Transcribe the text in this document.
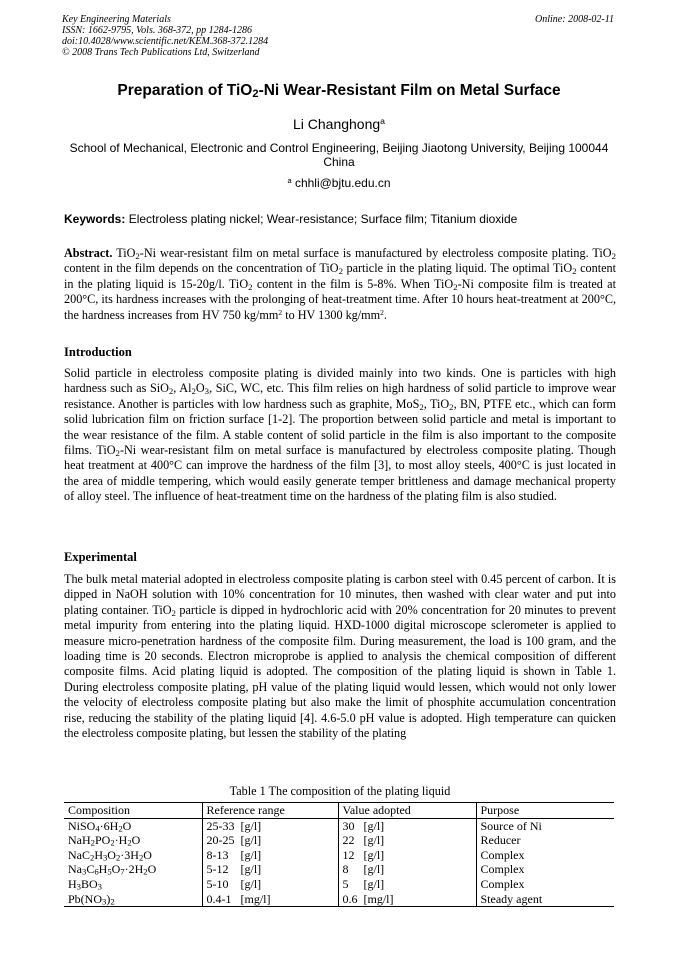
Key Engineering Materials
ISSN: 1662-9795, Vols. 368-372, pp 1284-1286
doi:10.4028/www.scientific.net/KEM.368-372.1284
© 2008 Trans Tech Publications Ltd, Switzerland
Online: 2008-02-11
Preparation of TiO$_2$-Ni Wear-Resistant Film on Metal Surface
Li Changhong$^a$
School of Mechanical, Electronic and Control Engineering, Beijing Jiaotong University, Beijing 100044 China
$^a$ chhli@bjtu.edu.cn
Keywords: Electroless plating nickel; Wear-resistance; Surface film; Titanium dioxide
Abstract. TiO$_2$-Ni wear-resistant film on metal surface is manufactured by electroless composite plating. TiO$_2$ content in the film depends on the concentration of TiO$_2$ particle in the plating liquid. The optimal TiO$_2$ content in the plating liquid is 15-20g/l. TiO$_2$ content in the film is 5-8%. When TiO$_2$-Ni composite film is treated at 200°C, its hardness increases with the prolonging of heat-treatment time. After 10 hours heat-treatment at 200°C, the hardness increases from HV 750 $kg/mm^2$ to HV 1300 $kg/mm^2$.
Introduction
Solid particle in electroless composite plating is divided mainly into two kinds. One is particles with high hardness such as SiO$_2$, $Al_2O_3$, SiC, WC, etc. This film relies on high hardness of solid particle to improve wear resistance. Another is particles with low hardness such as graphite, MoS$_2$, TiO$_2$, BN, PTFE etc., which can form solid lubrication film on friction surface [1-2]. The proportion between solid particle and metal is important to the wear resistance of the film. A stable content of solid particle in the film is also important to the composite films. TiO$_2$-Ni wear-resistant film on metal surface is manufactured by electroless composite plating. Though heat treatment at 400°C can improve the hardness of the film [3], to most alloy steels, 400°C is just located in the area of middle tempering, which would easily generate temper brittleness and damage mechanical property of alloy steel. The influence of heat-treatment time on the hardness of the plating film is also studied.
Experimental
The bulk metal material adopted in electroless composite plating is carbon steel with 0.45 percent of carbon. It is dipped in NaOH solution with 10% concentration for 10 minutes, then washed with clear water and put into plating container. TiO$_2$ particle is dipped in hydrochloric acid with 20% concentration for 20 minutes to prevent metal impurity from entering into the plating liquid. HXD-1000 digital microscope sclerometer is applied to measure micro-penetration hardness of the composite film. During measurement, the load is 100 gram, and the loading time is 20 seconds. Electron microprobe is applied to analysis the chemical composition of different composite films. Acid plating liquid is adopted. The composition of the plating liquid is shown in Table 1. During electroless composite plating, pH value of the plating liquid would lessen, which would not only lower the velocity of electroless composite plating but also make the limit of phosphite accumulation concentration rise, reducing the stability of the plating liquid [4]. 4.6-5.0 pH value is adopted. High temperature can quicken the electroless composite plating, but lessen the stability of the plating
Table 1 The composition of the plating liquid
Composition	Reference range	Value adopted	Purpose
$NiSO_4\cdot 6H_2O$	25-33  [g/l]	30   [g/l]	Source of Ni
$NaH_2PO_2\cdot H_2O$	20-25  [g/l]	22   [g/l]	Reducer
$NaC_2H_3O_2\cdot 3H_2O$	8-13    [g/l]	12   [g/l]	Complex
$Na_3C_6H_5O_7\cdot 2H_2O$	5-12    [g/l]	8     [g/l]	Complex
$H_3BO_3$	5-10    [g/l]	5     [g/l]	Complex
$Pb(NO_3)_2$	0.4-1   [mg/l]	0.6  [mg/l]	Steady agent
